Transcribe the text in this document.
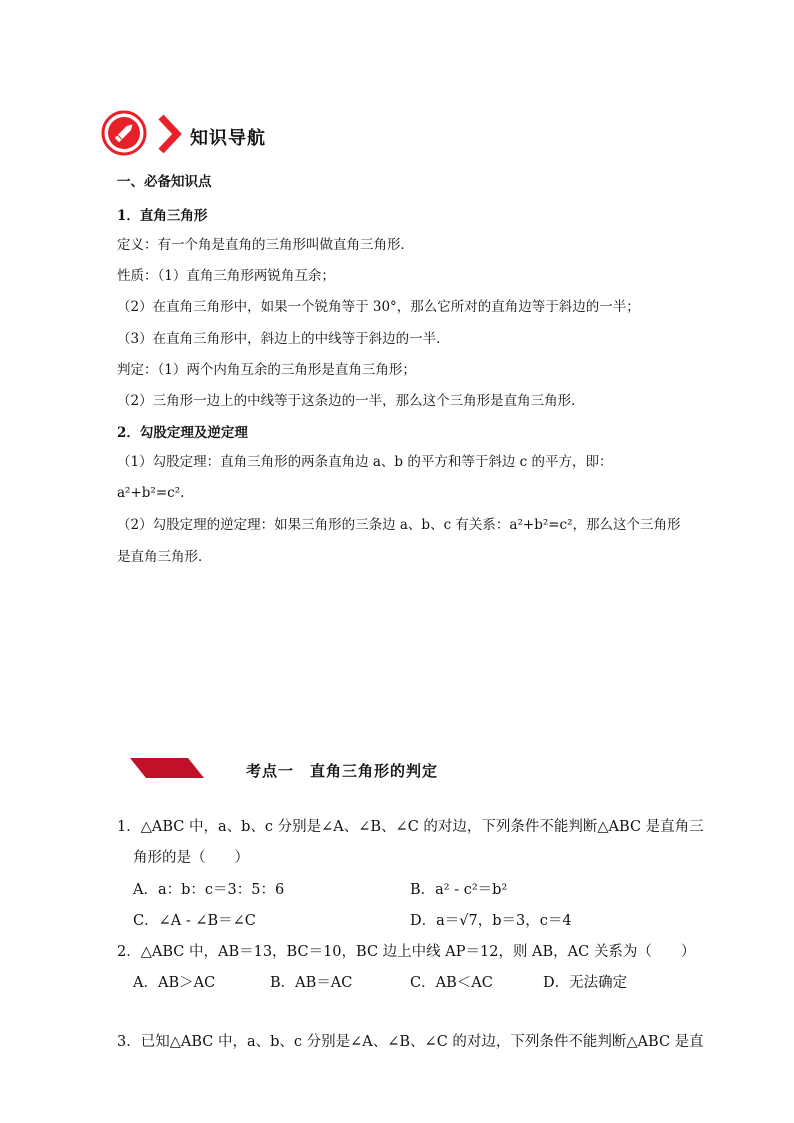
知识导航
一、必备知识点
1．直角三角形
定义：有一个角是直角的三角形叫做直角三角形．
性质：（1）直角三角形两锐角互余；
（2）在直角三角形中，如果一个锐角等于 30°，那么它所对的直角边等于斜边的一半；
（3）在直角三角形中，斜边上的中线等于斜边的一半．
判定：（1）两个内角互余的三角形是直角三角形；
（2）三角形一边上的中线等于这条边的一半，那么这个三角形是直角三角形．
2．勾股定理及逆定理
（1）勾股定理：直角三角形的两条直角边 a、b 的平方和等于斜边 c 的平方，即：
a²+b²=c².
（2）勾股定理的逆定理：如果三角形的三条边 a、b、c 有关系：a²+b²=c²，那么这个三角形
是直角三角形．
考点一　直角三角形的判定
1．△ABC 中，a、b、c 分别是∠A、∠B、∠C 的对边，下列条件不能判断△ABC 是直角三
角形的是（　　）
A．a：b：c＝3：5：6	B．a² - c²＝b²
C．∠A - ∠B＝∠C	D．a＝√7，b＝3，c＝4
2．△ABC 中，AB＝13，BC＝10，BC 边上中线 AP＝12，则 AB，AC 关系为（　　）
A．AB＞AC	B．AB＝AC	C．AB＜AC	D．无法确定
3．已知△ABC 中，a、b、c 分别是∠A、∠B、∠C 的对边，下列条件不能判断△ABC 是直
